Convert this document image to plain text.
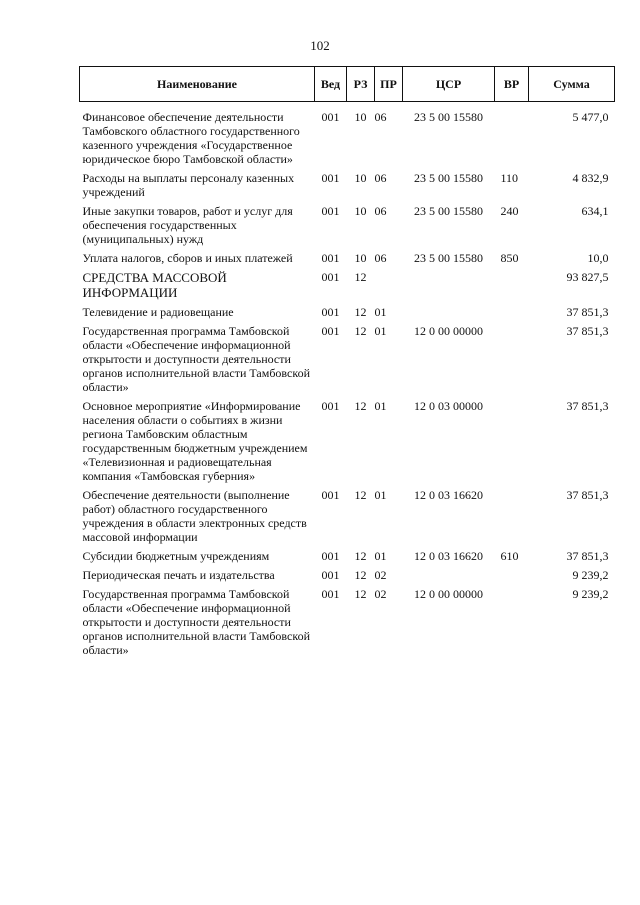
102
Наименование	Вед	РЗ	ПР	ЦСР	ВР	Сумма
Финансовое обеспечение деятельности Тамбовского областного государственного казенного учреждения «Государственное юридическое бюро Тамбовской области»	001	10	06	23 5 00 15580		5 477,0
Расходы на выплаты персоналу казенных учреждений	001	10	06	23 5 00 15580	110	4 832,9
Иные закупки товаров, работ и услуг для обеспечения государственных (муниципальных) нужд	001	10	06	23 5 00 15580	240	634,1
Уплата налогов, сборов и иных платежей	001	10	06	23 5 00 15580	850	10,0
СРЕДСТВА МАССОВОЙ ИНФОРМАЦИИ	001	12				93 827,5
Телевидение и радиовещание	001	12	01			37 851,3
Государственная программа Тамбовской области «Обеспечение информационной открытости и доступности деятельности органов исполнительной власти Тамбовской области»	001	12	01	12 0 00 00000		37 851,3
Основное мероприятие «Информирование населения области о событиях в жизни региона Тамбовским областным государственным бюджетным учреждением «Телевизионная и радиовещательная компания «Тамбовская губерния»	001	12	01	12 0 03 00000		37 851,3
Обеспечение деятельности (выполнение работ) областного государственного учреждения в области электронных средств массовой информации	001	12	01	12 0 03 16620		37 851,3
Субсидии бюджетным учреждениям	001	12	01	12 0 03 16620	610	37 851,3
Периодическая печать и издательства	001	12	02			9 239,2
Государственная программа Тамбовской области «Обеспечение информационной открытости и доступности деятельности органов исполнительной власти Тамбовской области»	001	12	02	12 0 00 00000		9 239,2
